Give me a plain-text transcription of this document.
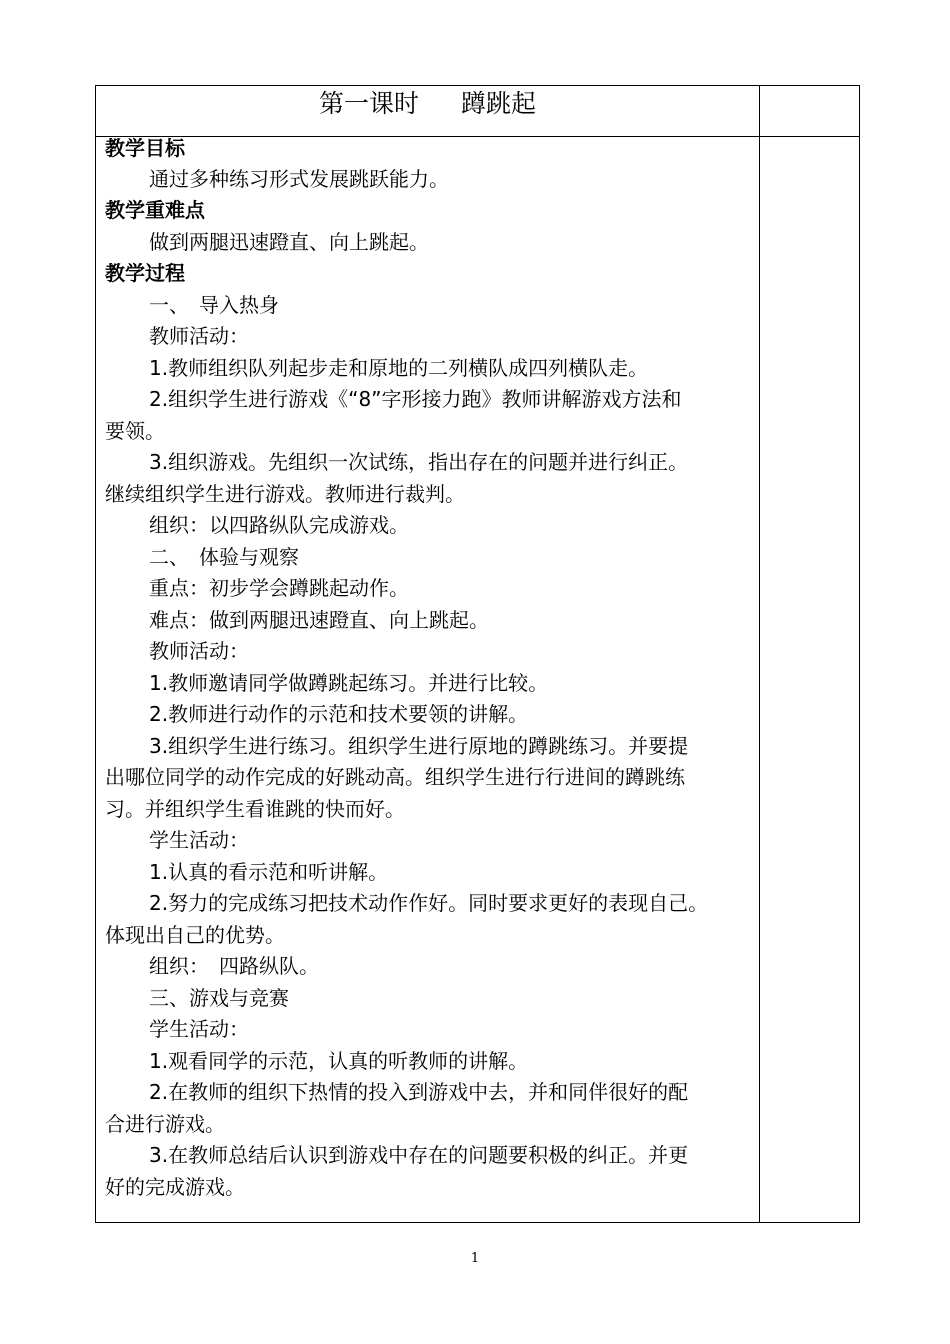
第一课时 蹲跳起
教学目标
通过多种练习形式发展跳跃能力。
教学重难点
做到两腿迅速蹬直、向上跳起。
教学过程
一、　导入热身
教师活动：
1.教师组织队列起步走和原地的二列横队成四列横队走。
2.组织学生进行游戏《“8”字形接力跑》教师讲解游戏方法和
要领。
3.组织游戏。先组织一次试练，指出存在的问题并进行纠正。
继续组织学生进行游戏。教师进行裁判。
组织：以四路纵队完成游戏。
二、　体验与观察
重点：初步学会蹲跳起动作。
难点：做到两腿迅速蹬直、向上跳起。
教师活动：
1.教师邀请同学做蹲跳起练习。并进行比较。
2.教师进行动作的示范和技术要领的讲解。
3.组织学生进行练习。组织学生进行原地的蹲跳练习。并要提
出哪位同学的动作完成的好跳动高。组织学生进行行进间的蹲跳练
习。并组织学生看谁跳的快而好。
学生活动：
1.认真的看示范和听讲解。
2.努力的完成练习把技术动作作好。同时要求更好的表现自己。
体现出自己的优势。
组织：　四路纵队。
三、游戏与竞赛
学生活动：
1.观看同学的示范，认真的听教师的讲解。
2.在教师的组织下热情的投入到游戏中去，并和同伴很好的配
合进行游戏。
3.在教师总结后认识到游戏中存在的问题要积极的纠正。并更
好的完成游戏。
1
